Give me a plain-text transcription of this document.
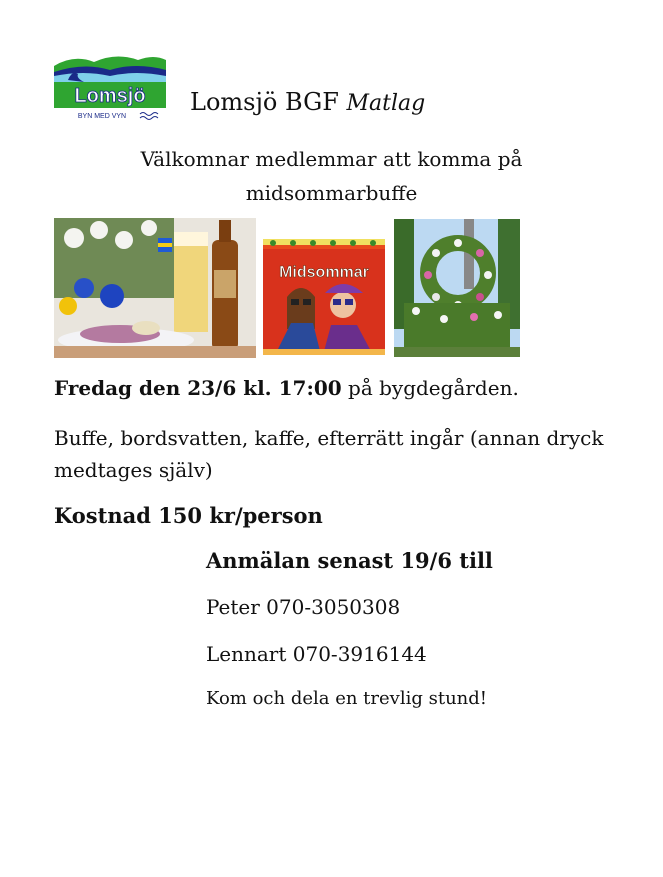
Lomsjö
BYN MED VYN
Lomsjö BGF Matlag
Välkomnar medlemmar att komma på midsommarbuffe
Midsommar
Fredag den 23/6 kl. 17:00 på bygdegården.
Buffe, bordsvatten, kaffe, efterrätt ingår (annan dryck medtages själv)
Kostnad 150 kr/person
Anmälan senast 19/6 till
Peter 070-3050308
Lennart 070-3916144
Kom och dela en trevlig stund!
